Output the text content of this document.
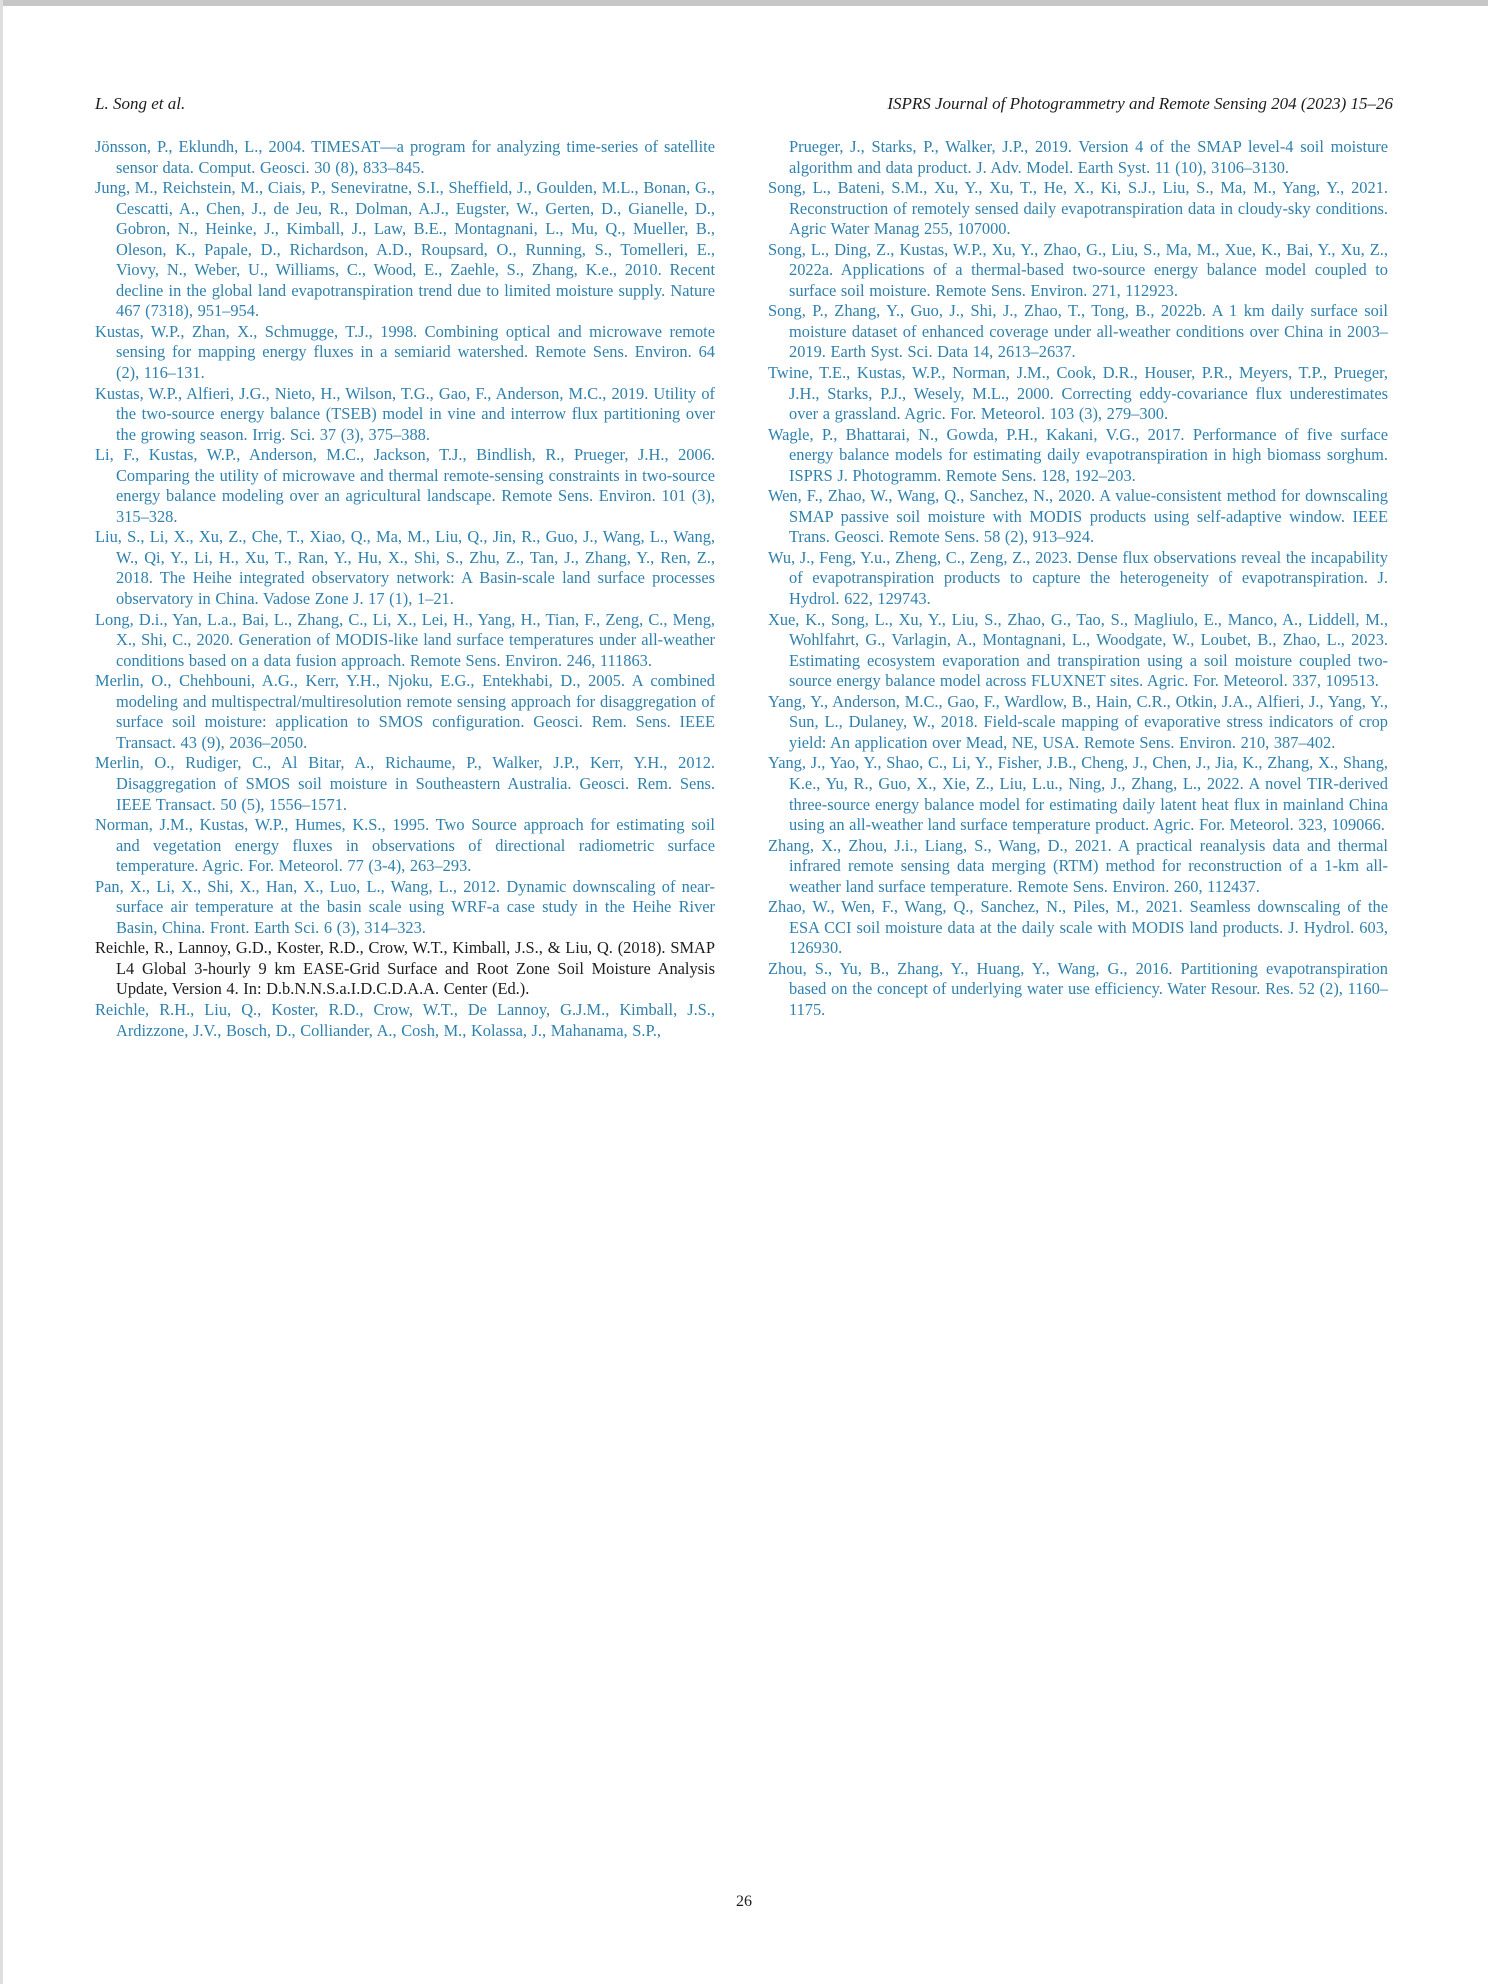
L. Song et al.	ISPRS Journal of Photogrammetry and Remote Sensing 204 (2023) 15–26

Jönsson, P., Eklundh, L., 2004. TIMESAT—a program for analyzing time-series of satellite sensor data. Comput. Geosci. 30 (8), 833–845.

Jung, M., Reichstein, M., Ciais, P., Seneviratne, S.I., Sheffield, J., Goulden, M.L., Bonan, G., Cescatti, A., Chen, J., de Jeu, R., Dolman, A.J., Eugster, W., Gerten, D., Gianelle, D., Gobron, N., Heinke, J., Kimball, J., Law, B.E., Montagnani, L., Mu, Q., Mueller, B., Oleson, K., Papale, D., Richardson, A.D., Roupsard, O., Running, S., Tomelleri, E., Viovy, N., Weber, U., Williams, C., Wood, E., Zaehle, S., Zhang, K.e., 2010. Recent decline in the global land evapotranspiration trend due to limited moisture supply. Nature 467 (7318), 951–954.

Kustas, W.P., Zhan, X., Schmugge, T.J., 1998. Combining optical and microwave remote sensing for mapping energy fluxes in a semiarid watershed. Remote Sens. Environ. 64 (2), 116–131.

Kustas, W.P., Alfieri, J.G., Nieto, H., Wilson, T.G., Gao, F., Anderson, M.C., 2019. Utility of the two-source energy balance (TSEB) model in vine and interrow flux partitioning over the growing season. Irrig. Sci. 37 (3), 375–388.

Li, F., Kustas, W.P., Anderson, M.C., Jackson, T.J., Bindlish, R., Prueger, J.H., 2006. Comparing the utility of microwave and thermal remote-sensing constraints in two-source energy balance modeling over an agricultural landscape. Remote Sens. Environ. 101 (3), 315–328.

Liu, S., Li, X., Xu, Z., Che, T., Xiao, Q., Ma, M., Liu, Q., Jin, R., Guo, J., Wang, L., Wang, W., Qi, Y., Li, H., Xu, T., Ran, Y., Hu, X., Shi, S., Zhu, Z., Tan, J., Zhang, Y., Ren, Z., 2018. The Heihe integrated observatory network: A Basin-scale land surface processes observatory in China. Vadose Zone J. 17 (1), 1–21.

Long, D.i., Yan, L.a., Bai, L., Zhang, C., Li, X., Lei, H., Yang, H., Tian, F., Zeng, C., Meng, X., Shi, C., 2020. Generation of MODIS-like land surface temperatures under all-weather conditions based on a data fusion approach. Remote Sens. Environ. 246, 111863.

Merlin, O., Chehbouni, A.G., Kerr, Y.H., Njoku, E.G., Entekhabi, D., 2005. A combined modeling and multispectral/multiresolution remote sensing approach for disaggregation of surface soil moisture: application to SMOS configuration. Geosci. Rem. Sens. IEEE Transact. 43 (9), 2036–2050.

Merlin, O., Rudiger, C., Al Bitar, A., Richaume, P., Walker, J.P., Kerr, Y.H., 2012. Disaggregation of SMOS soil moisture in Southeastern Australia. Geosci. Rem. Sens. IEEE Transact. 50 (5), 1556–1571.

Norman, J.M., Kustas, W.P., Humes, K.S., 1995. Two Source approach for estimating soil and vegetation energy fluxes in observations of directional radiometric surface temperature. Agric. For. Meteorol. 77 (3-4), 263–293.

Pan, X., Li, X., Shi, X., Han, X., Luo, L., Wang, L., 2012. Dynamic downscaling of near-surface air temperature at the basin scale using WRF-a case study in the Heihe River Basin, China. Front. Earth Sci. 6 (3), 314–323.

Reichle, R., Lannoy, G.D., Koster, R.D., Crow, W.T., Kimball, J.S., & Liu, Q. (2018). SMAP L4 Global 3-hourly 9 km EASE-Grid Surface and Root Zone Soil Moisture Analysis Update, Version 4. In: D.b.N.N.S.a.I.D.C.D.A.A. Center (Ed.).

Reichle, R.H., Liu, Q., Koster, R.D., Crow, W.T., De Lannoy, G.J.M., Kimball, J.S., Ardizzone, J.V., Bosch, D., Colliander, A., Cosh, M., Kolassa, J., Mahanama, S.P.,

Prueger, J., Starks, P., Walker, J.P., 2019. Version 4 of the SMAP level-4 soil moisture algorithm and data product. J. Adv. Model. Earth Syst. 11 (10), 3106–3130.

Song, L., Bateni, S.M., Xu, Y., Xu, T., He, X., Ki, S.J., Liu, S., Ma, M., Yang, Y., 2021. Reconstruction of remotely sensed daily evapotranspiration data in cloudy-sky conditions. Agric Water Manag 255, 107000.

Song, L., Ding, Z., Kustas, W.P., Xu, Y., Zhao, G., Liu, S., Ma, M., Xue, K., Bai, Y., Xu, Z., 2022a. Applications of a thermal-based two-source energy balance model coupled to surface soil moisture. Remote Sens. Environ. 271, 112923.

Song, P., Zhang, Y., Guo, J., Shi, J., Zhao, T., Tong, B., 2022b. A 1 km daily surface soil moisture dataset of enhanced coverage under all-weather conditions over China in 2003–2019. Earth Syst. Sci. Data 14, 2613–2637.

Twine, T.E., Kustas, W.P., Norman, J.M., Cook, D.R., Houser, P.R., Meyers, T.P., Prueger, J.H., Starks, P.J., Wesely, M.L., 2000. Correcting eddy-covariance flux underestimates over a grassland. Agric. For. Meteorol. 103 (3), 279–300.

Wagle, P., Bhattarai, N., Gowda, P.H., Kakani, V.G., 2017. Performance of five surface energy balance models for estimating daily evapotranspiration in high biomass sorghum. ISPRS J. Photogramm. Remote Sens. 128, 192–203.

Wen, F., Zhao, W., Wang, Q., Sanchez, N., 2020. A value-consistent method for downscaling SMAP passive soil moisture with MODIS products using self-adaptive window. IEEE Trans. Geosci. Remote Sens. 58 (2), 913–924.

Wu, J., Feng, Y.u., Zheng, C., Zeng, Z., 2023. Dense flux observations reveal the incapability of evapotranspiration products to capture the heterogeneity of evapotranspiration. J. Hydrol. 622, 129743.

Xue, K., Song, L., Xu, Y., Liu, S., Zhao, G., Tao, S., Magliulo, E., Manco, A., Liddell, M., Wohlfahrt, G., Varlagin, A., Montagnani, L., Woodgate, W., Loubet, B., Zhao, L., 2023. Estimating ecosystem evaporation and transpiration using a soil moisture coupled two-source energy balance model across FLUXNET sites. Agric. For. Meteorol. 337, 109513.

Yang, Y., Anderson, M.C., Gao, F., Wardlow, B., Hain, C.R., Otkin, J.A., Alfieri, J., Yang, Y., Sun, L., Dulaney, W., 2018. Field-scale mapping of evaporative stress indicators of crop yield: An application over Mead, NE, USA. Remote Sens. Environ. 210, 387–402.

Yang, J., Yao, Y., Shao, C., Li, Y., Fisher, J.B., Cheng, J., Chen, J., Jia, K., Zhang, X., Shang, K.e., Yu, R., Guo, X., Xie, Z., Liu, L.u., Ning, J., Zhang, L., 2022. A novel TIR-derived three-source energy balance model for estimating daily latent heat flux in mainland China using an all-weather land surface temperature product. Agric. For. Meteorol. 323, 109066.

Zhang, X., Zhou, J.i., Liang, S., Wang, D., 2021. A practical reanalysis data and thermal infrared remote sensing data merging (RTM) method for reconstruction of a 1-km all-weather land surface temperature. Remote Sens. Environ. 260, 112437.

Zhao, W., Wen, F., Wang, Q., Sanchez, N., Piles, M., 2021. Seamless downscaling of the ESA CCI soil moisture data at the daily scale with MODIS land products. J. Hydrol. 603, 126930.

Zhou, S., Yu, B., Zhang, Y., Huang, Y., Wang, G., 2016. Partitioning evapotranspiration based on the concept of underlying water use efficiency. Water Resour. Res. 52 (2), 1160–1175.

26
